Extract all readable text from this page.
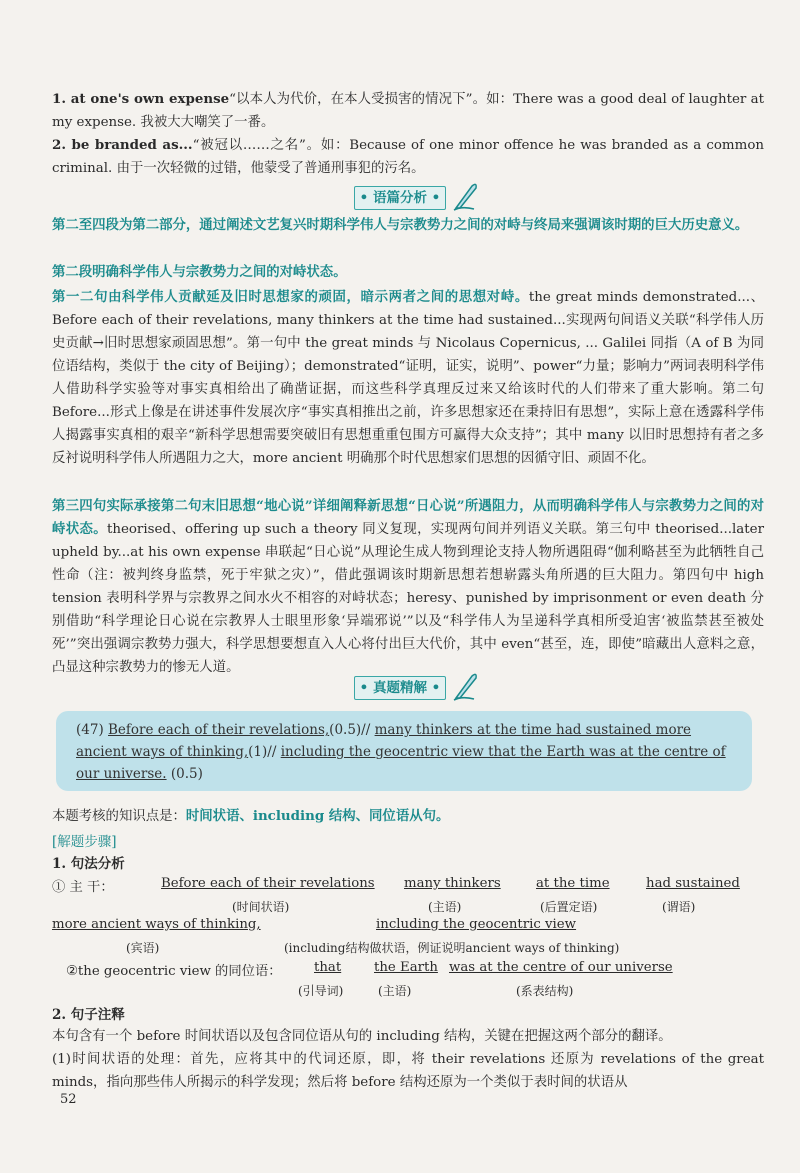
1. at one's own expense“以本人为代价，在本人受损害的情况下”。如：There was a good deal of laughter at my expense. 我被大大嘲笑了一番。

2. be branded as...“被冠以……之名”。如：Because of one minor offence he was branded as a common criminal. 由于一次轻微的过错，他蒙受了普通刑事犯的污名。

• 语篇分析 •

第二至四段为第二部分，通过阐述文艺复兴时期科学伟人与宗教势力之间的对峙与终局来强调该时期的巨大历史意义。

第二段明确科学伟人与宗教势力之间的对峙状态。

第一二句由科学伟人贡献延及旧时思想家的顽固，暗示两者之间的思想对峙。the great minds demonstrated...、Before each of their revelations, many thinkers at the time had sustained...实现两句间语义关联“科学伟人历史贡献→旧时思想家顽固思想”。第一句中 the great minds 与 Nicolaus Copernicus, ... Galilei 同指（A of B 为同位语结构，类似于 the city of Beijing）；demonstrated“证明，证实，说明”、power“力量；影响力”两词表明科学伟人借助科学实验等对事实真相给出了确凿证据，而这些科学真理反过来又给该时代的人们带来了重大影响。第二句 Before...形式上像是在讲述事件发展次序“事实真相推出之前，许多思想家还在秉持旧有思想”，实际上意在透露科学伟人揭露事实真相的艰辛“新科学思想需要突破旧有思想重重包围方可赢得大众支持”；其中 many 以旧时思想持有者之多反衬说明科学伟人所遇阻力之大，more ancient 明确那个时代思想家们思想的因循守旧、顽固不化。

第三四句实际承接第二句末旧思想“地心说”详细阐释新思想“日心说”所遇阻力，从而明确科学伟人与宗教势力之间的对峙状态。theorised、offering up such a theory 同义复现，实现两句间并列语义关联。第三句中 theorised...later upheld by...at his own expense 串联起“日心说”从理论生成人物到理论支持人物所遇阻碍“伽利略甚至为此牺牲自己性命（注：被判终身监禁，死于牢狱之灾）”，借此强调该时期新思想若想崭露头角所遇的巨大阻力。第四句中 high tension 表明科学界与宗教界之间水火不相容的对峙状态；heresy、punished by imprisonment or even death 分别借助“科学理论日心说在宗教界人士眼里形象‘异端邪说’”以及“科学伟人为呈递科学真相所受迫害‘被监禁甚至被处死’”突出强调宗教势力强大，科学思想要想直入人心将付出巨大代价，其中 even“甚至，连，即使”暗藏出人意料之意，凸显这种宗教势力的惨无人道。

• 真题精解 •

(47) Before each of their revelations,(0.5)// many thinkers at the time had sustained more ancient ways of thinking,(1)// including the geocentric view that the Earth was at the centre of our universe. (0.5)

本题考核的知识点是：时间状语、including 结构、同位语从句。

[解题步骤]
1. 句法分析
① 主 干：	Before each of their revelations
(时间状语)
many thinkers
(主语)
at the time
(后置定语)
had sustained
(谓语)
more ancient ways of thinking,
(宾语)
including the geocentric view
(including结构做状语，例证说明ancient ways of thinking)
②the geocentric view 的同位语： that
(引导词)
the Earth
(主语)
was at the centre of our universe
(系表结构)
2. 句子注释

本句含有一个 before 时间状语以及包含同位语从句的 including 结构，关键在把握这两个部分的翻译。

(1)时间状语的处理：首先，应将其中的代词还原，即，将 their revelations 还原为 revelations of the great minds，指向那些伟人所揭示的科学发现；然后将 before 结构还原为一个类似于表时间的状语从

52
